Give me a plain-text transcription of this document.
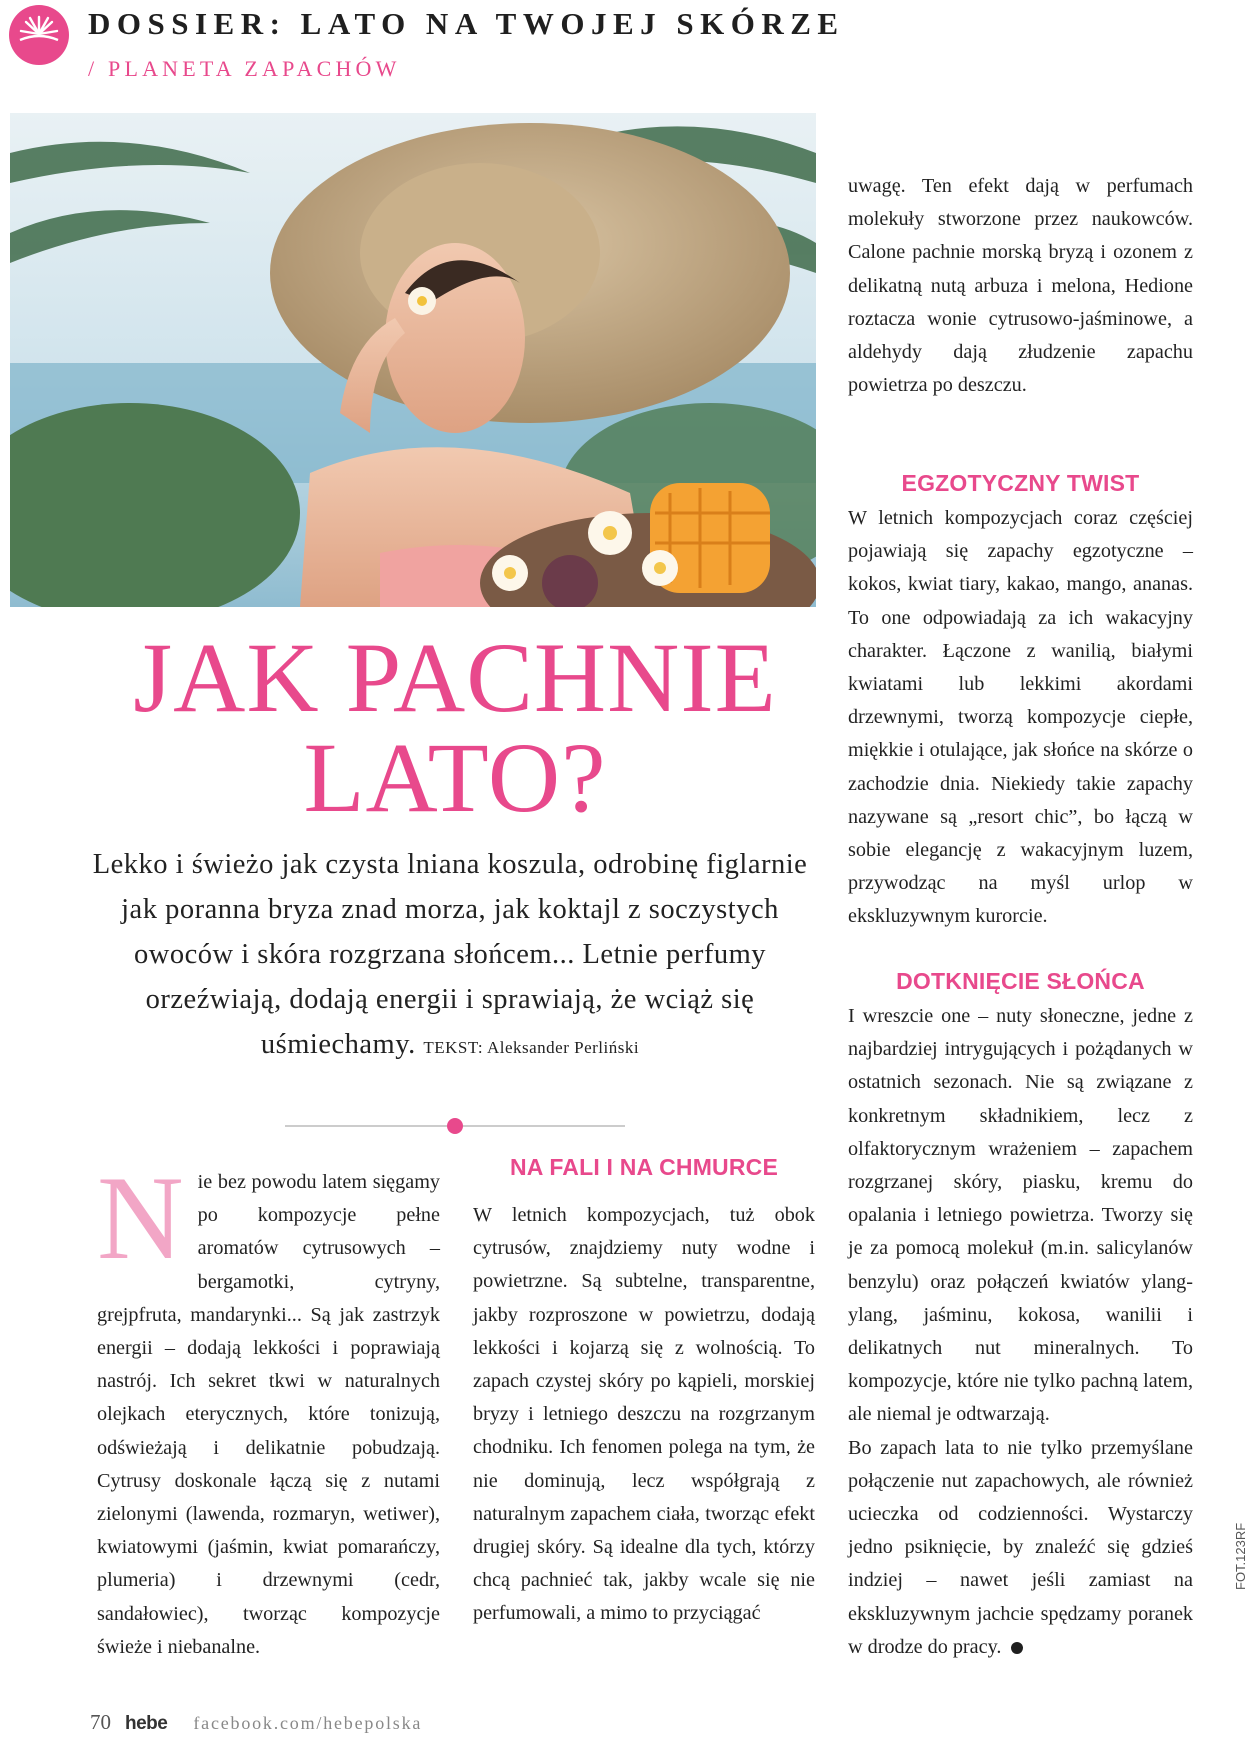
DOSSIER: LATO NA TWOJEJ SKÓRZE
/ PLANETA ZAPACHÓW
JAK PACHNIE
LATO?
Lekko i świeżo jak czysta lniana koszula, odrobinę figlarnie jak poranna bryza znad morza, jak koktajl z soczystych owoców i skóra rozgrzana słońcem... Letnie perfumy orzeźwiają, dodają energii i sprawiają, że wciąż się uśmiechamy. TEKST: Aleksander Perliński
N ie bez powodu latem sięgamy po kompozycje pełne aromatów cytrusowych – bergamotki, cytryny, grejpfruta, mandarynki... Są jak zastrzyk energii – dodają lekkości i poprawiają nastrój. Ich sekret tkwi w naturalnych olejkach eterycznych, które tonizują, odświeżają i delikatnie pobudzają. Cytrusy doskonale łączą się z nutami zielonymi (lawenda, rozmaryn, wetiwer), kwiatowymi (jaśmin, kwiat pomarańczy, plumeria) i drzewnymi (cedr, sandałowiec), tworząc kompozycje świeże i niebanalne.

NA FALI I NA CHMURCE

W letnich kompozycjach, tuż obok cytrusów, znajdziemy nuty wodne i powietrzne. Są subtelne, transparentne, jakby rozproszone w powietrzu, dodają lekkości i kojarzą się z wolnością. To zapach czystej skóry po kąpieli, morskiej bryzy i letniego deszczu na rozgrzanym chodniku. Ich fenomen polega na tym, że nie dominują, lecz współgrają z naturalnym zapachem ciała, tworząc efekt drugiej skóry. Są idealne dla tych, którzy chcą pachnieć tak, jakby wcale się nie perfumowali, a mimo to przyciągać

uwagę. Ten efekt dają w perfumach molekuły stworzone przez naukowców. Calone pachnie morską bryzą i ozonem z delikatną nutą arbuza i melona, Hedione roztacza wonie cytrusowo-jaśminowe, a aldehydy dają złudzenie zapachu powietrza po deszczu.

EGZOTYCZNY TWIST

W letnich kompozycjach coraz częściej pojawiają się zapachy egzotyczne – kokos, kwiat tiary, kakao, mango, ananas. To one odpowiadają za ich wakacyjny charakter. Łączone z wanilią, białymi kwiatami lub lekkimi akordami drzewnymi, tworzą kompozycje ciepłe, miękkie i otulające, jak słońce na skórze o zachodzie dnia. Niekiedy takie zapachy nazywane są „resort chic”, bo łączą w sobie elegancję z wakacyjnym luzem, przywodząc na myśl urlop w ekskluzywnym kurorcie.

DOTKNIĘCIE SŁOŃCA

I wreszcie one – nuty słoneczne, jedne z najbardziej intrygujących i pożądanych w ostatnich sezonach. Nie są związane z konkretnym składnikiem, lecz z olfaktorycznym wrażeniem – zapachem rozgrzanej skóry, piasku, kremu do opalania i letniego powietrza. Tworzy się je za pomocą molekuł (m.in. salicylanów benzylu) oraz połączeń kwiatów ylang-ylang, jaśminu, kokosa, wanilii i delikatnych nut mineralnych. To kompozycje, które nie tylko pachną latem, ale niemal je odtwarzają.

Bo zapach lata to nie tylko przemyślane połączenie nut zapachowych, ale również ucieczka od codzienności. Wystarczy jedno psiknięcie, by znaleźć się gdzieś indziej – nawet jeśli zamiast na ekskluzywnym jachcie spędzamy poranek w drodze do pracy.

FOT.123RF
70 hebe facebook.com/hebepolska
